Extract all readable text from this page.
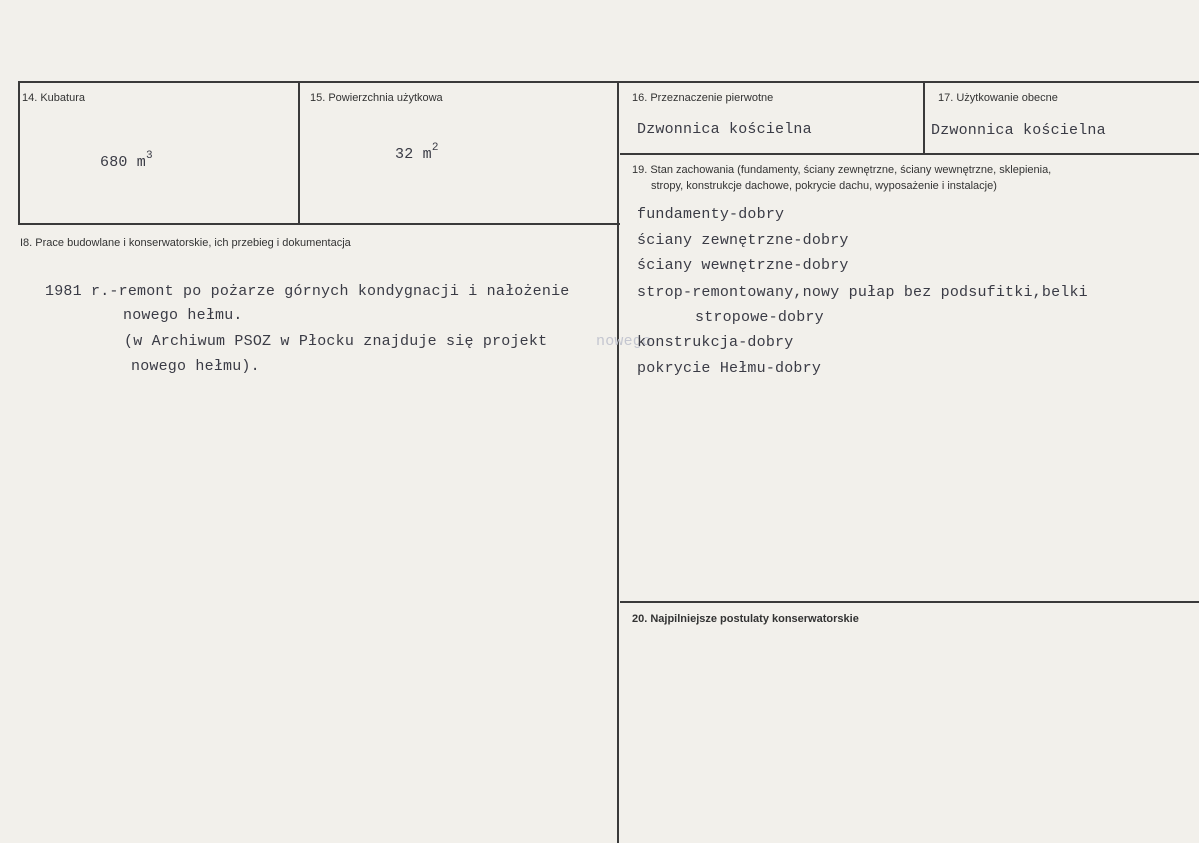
14. Kubatura
680 $m^3$
15. Powierzchnia użytkowa
32 $m^2$
16. Przeznaczenie pierwotne
Dzwonnica kościelna
17. Użytkowanie obecne
Dzwonnica kościelna
I8. Prace budowlane i konserwatorskie, ich przebieg i dokumentacja
1981 r.-remont po pożarze górnych kondygnacji i nałożenie
nowego hełmu.
(w Archiwum PSOZ w Płocku znajduje się projekt	nowego
nowego hełmu).
19. Stan zachowania (fundamenty, ściany zewnętrzne, ściany wewnętrzne, sklepienia,
stropy, konstrukcje dachowe, pokrycie dachu, wyposażenie i instalacje)
fundamenty-dobry
ściany zewnętrzne-dobry
ściany wewnętrzne-dobry
strop-remontowany,nowy pułap bez podsufitki,belki
stropowe-dobry
konstrukcja-dobry
pokrycie Hełmu-dobry
20. Najpilniejsze postulaty konserwatorskie
